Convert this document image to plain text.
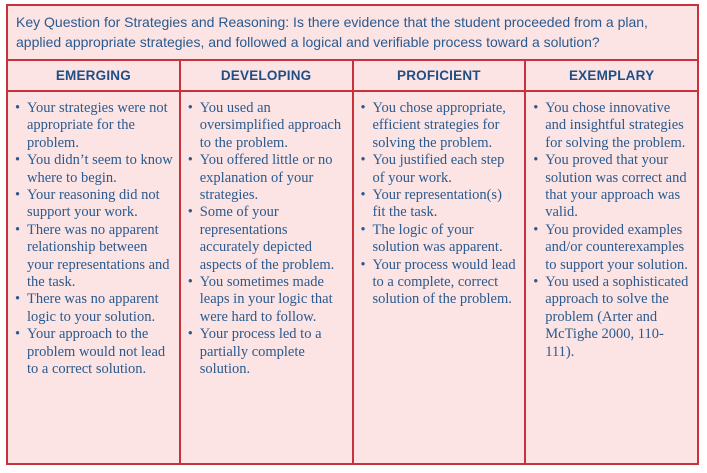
Key Question for Strategies and Reasoning: Is there evidence that the student proceeded from a plan, applied appropriate strategies, and followed a logical and verifiable process toward a solution?
EMERGING
• Your strategies were not appropriate for the problem.
• You didn’t seem to know where to begin.
• Your reasoning did not support your work.
• There was no apparent relationship between your representations and the task.
• There was no apparent logic to your solution.
• Your approach to the problem would not lead to a correct solution.
DEVELOPING
• You used an oversimplified approach to the problem.
• You offered little or no explanation of your strategies.
• Some of your representations accurately depicted aspects of the problem.
• You sometimes made leaps in your logic that were hard to follow.
• Your process led to a partially complete solution.
PROFICIENT
• You chose appropriate, efficient strategies for solving the problem.
• You justified each step of your work.
• Your representation(s) fit the task.
• The logic of your solution was apparent.
• Your process would lead to a complete, correct solution of the problem.
EXEMPLARY
• You chose innovative and insightful strategies for solving the problem.
• You proved that your solution was correct and that your approach was valid.
• You provided examples and/or counterexamples to support your solution.
• You used a sophisticated approach to solve the problem (Arter and McTighe 2000, 110-111).
